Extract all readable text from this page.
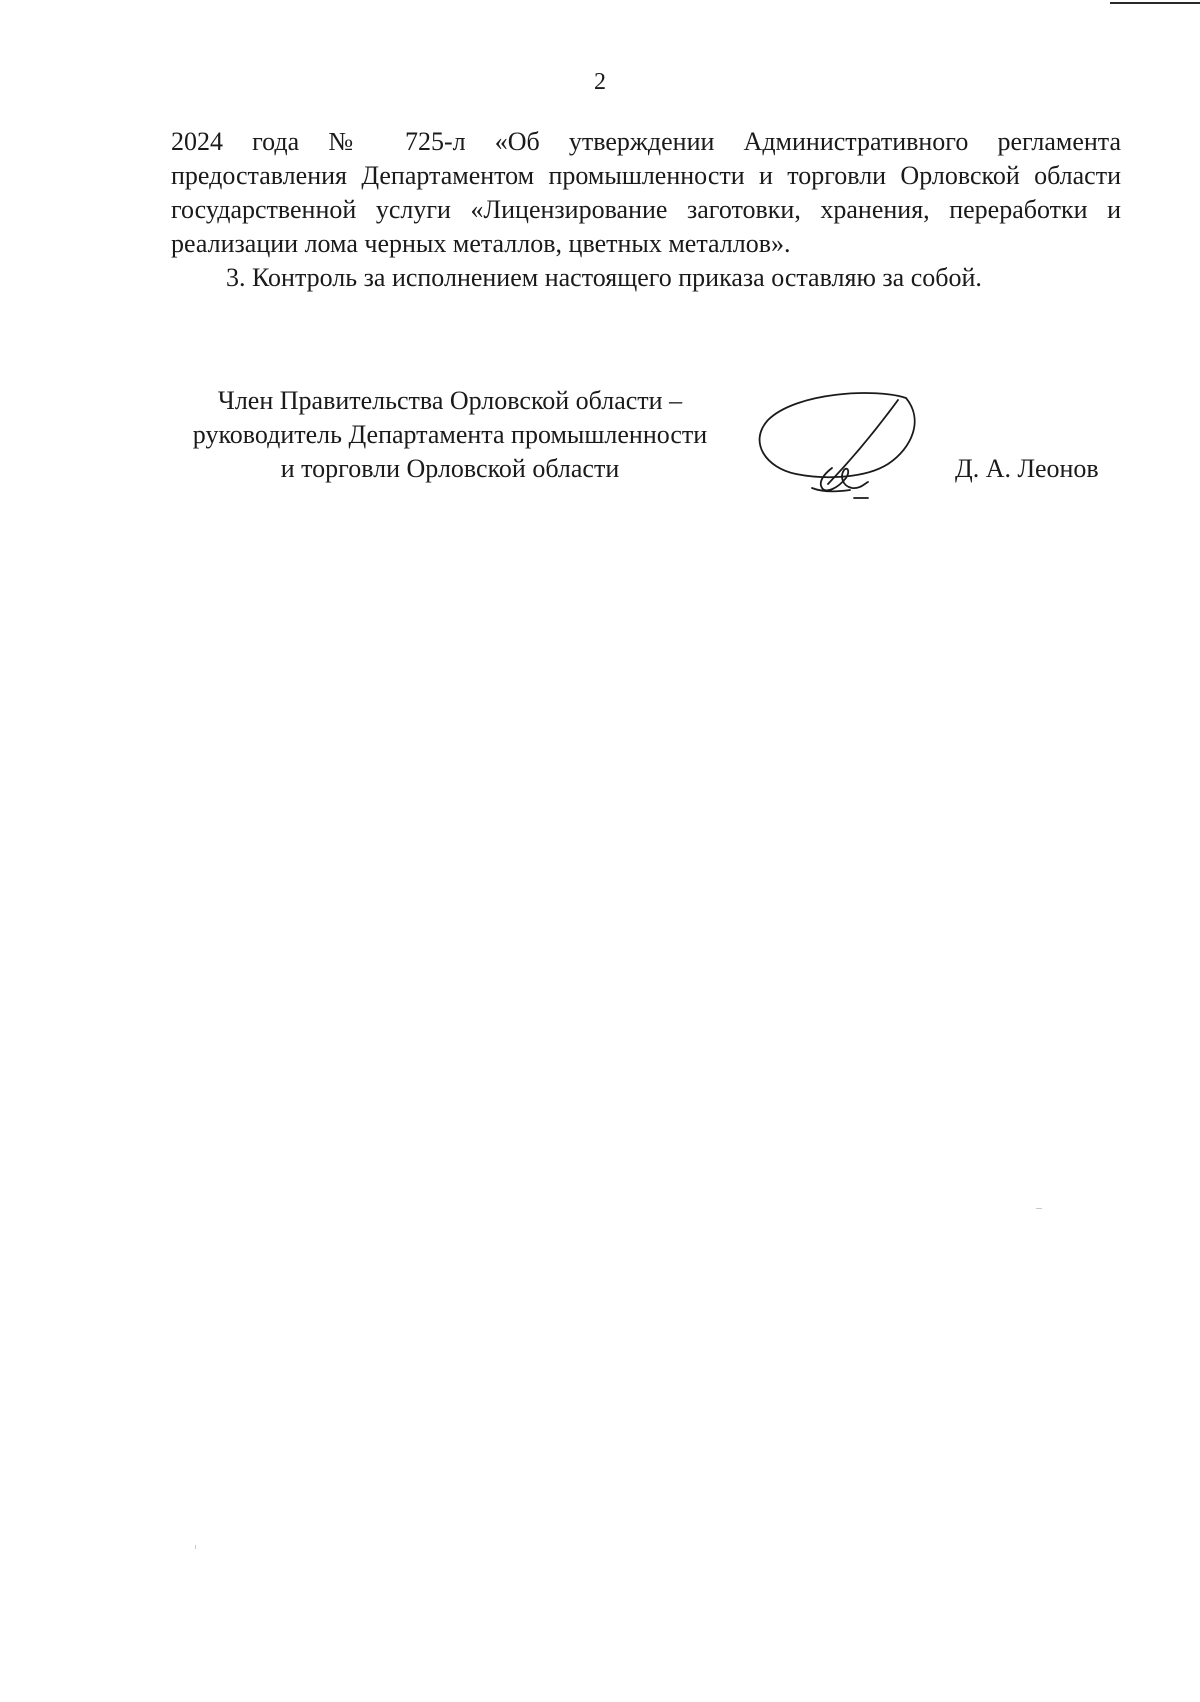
2

2024 года № 725-л «Об утверждении Административного регламента предоставления Департаментом промышленности и торговли Орловской области государственной услуги «Лицензирование заготовки, хранения, переработки и реализации лома черных металлов, цветных металлов».

3. Контроль за исполнением настоящего приказа оставляю за собой.

Член Правительства Орловской области –
руководитель Департамента промышленности
и торговли Орловской области	Д. А. Леонов
